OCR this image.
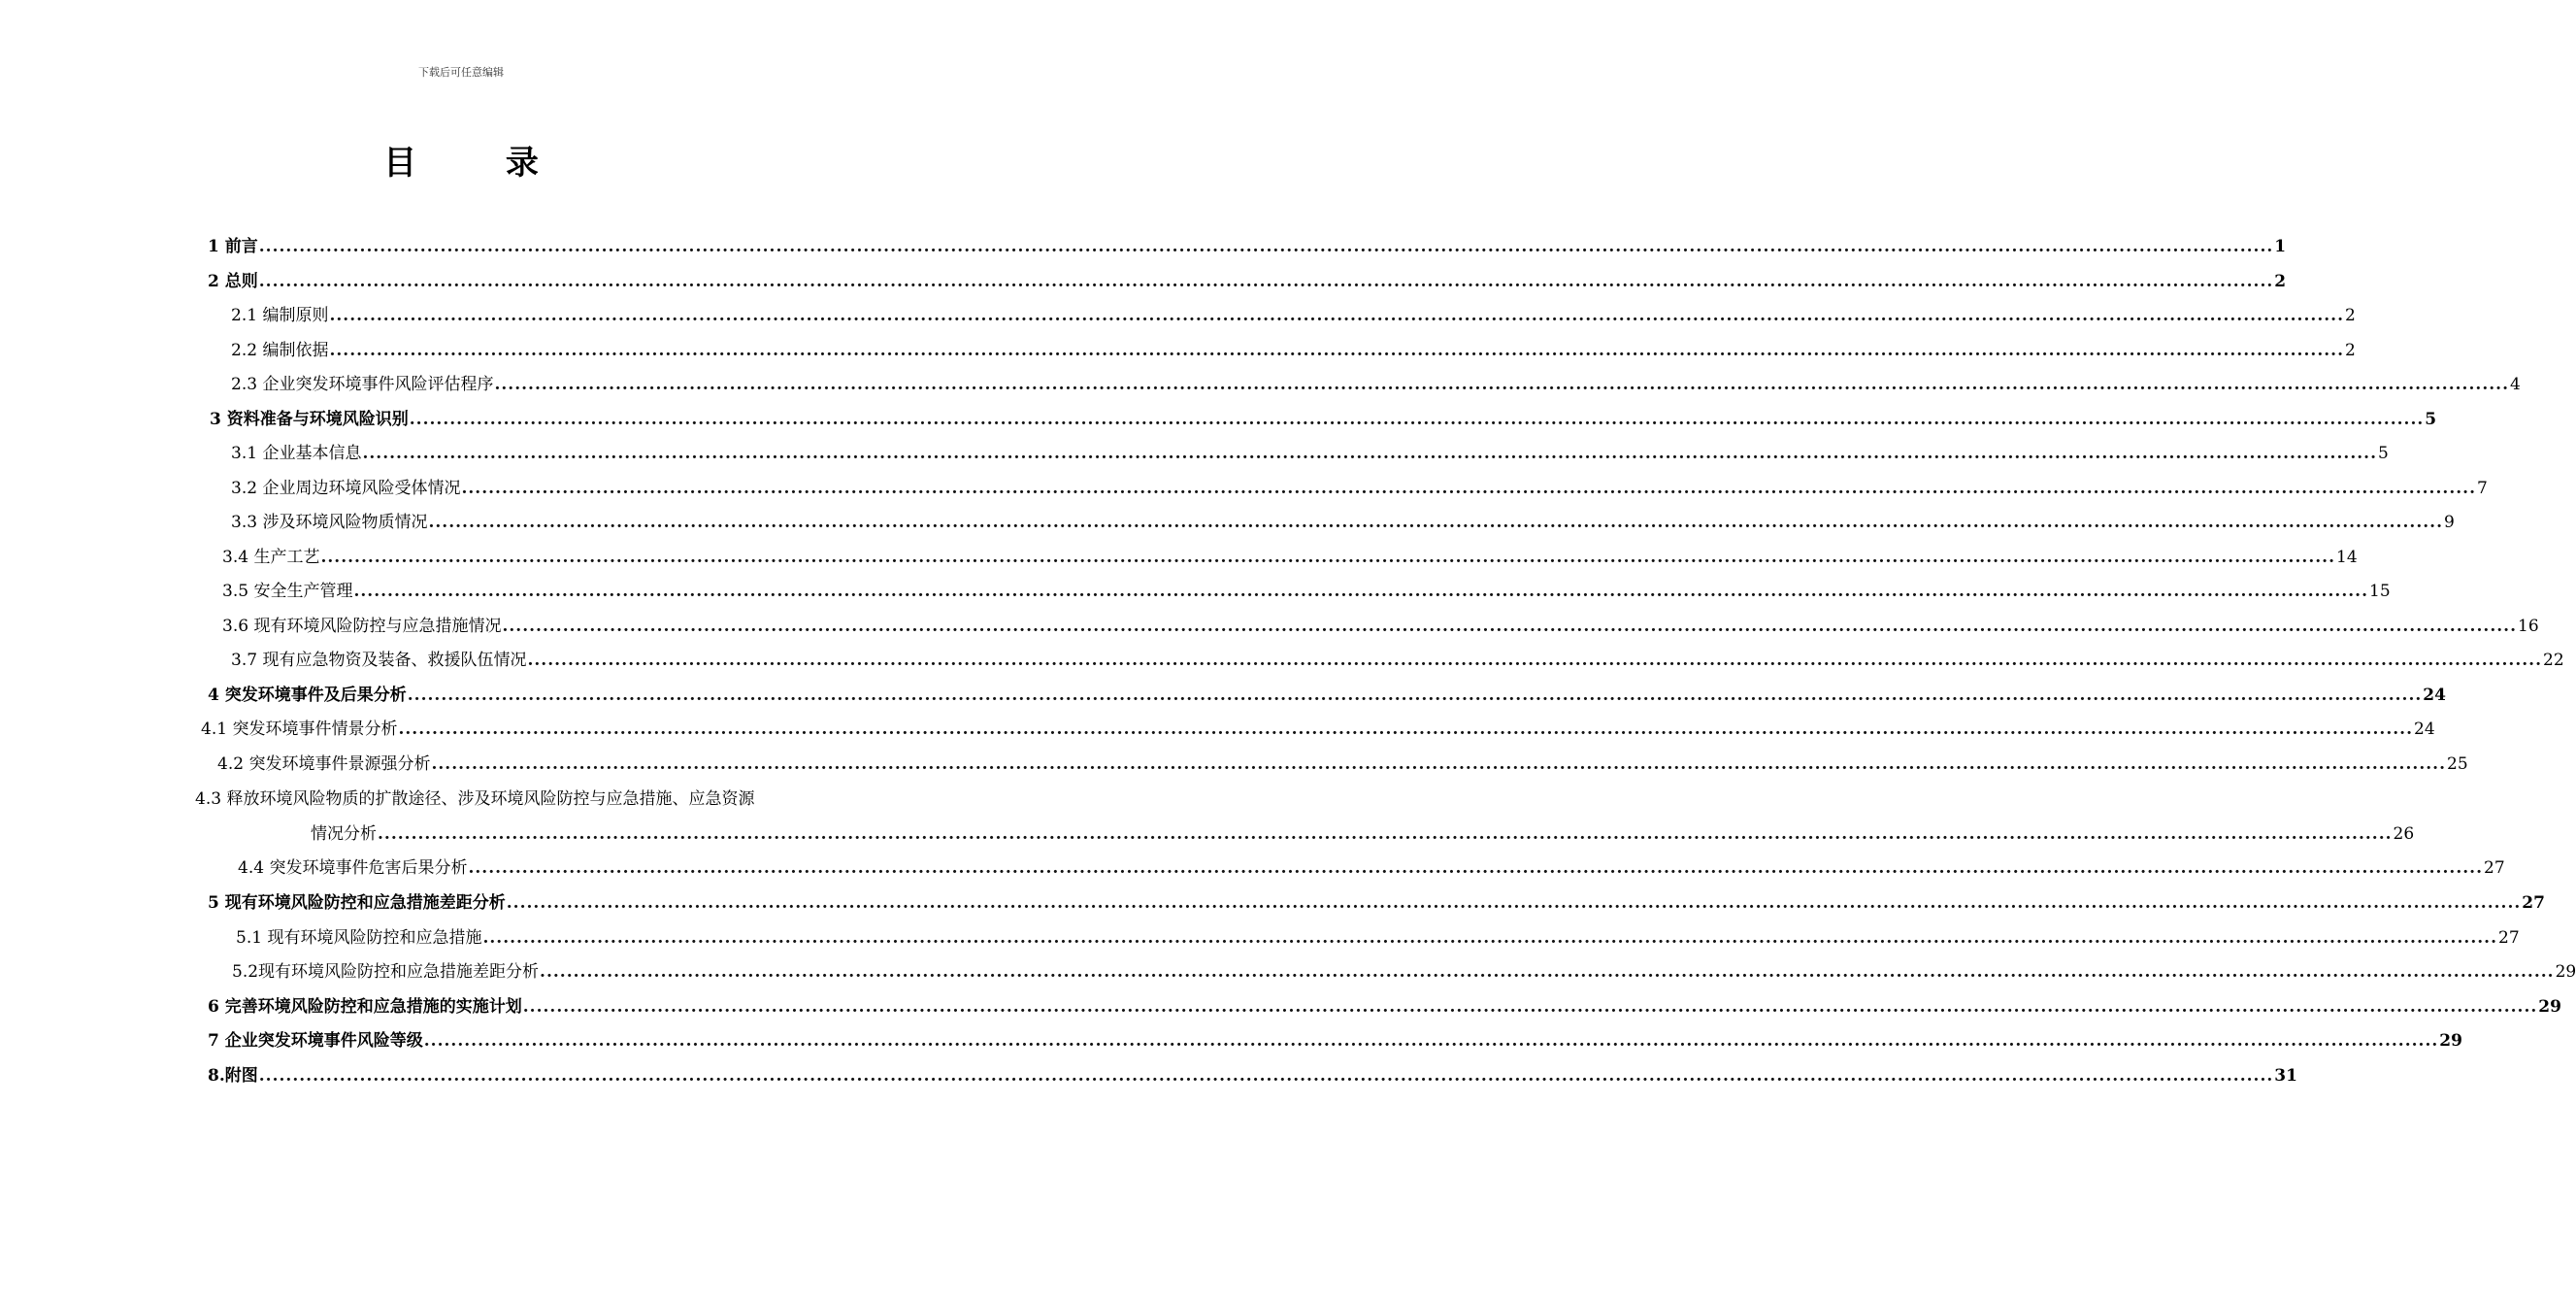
下载后可任意编辑
目 录
1 前言 ............................................................................................................................................................................................................................................................................................................ 1
2 总则 ............................................................................................................................................................................................................................................................................................................ 2
2.1 编制原则 ............................................................................................................................................................................................................................................................................................................ 2
2.2 编制依据 ............................................................................................................................................................................................................................................................................................................ 2
2.3 企业突发环境事件风险评估程序 ............................................................................................................................................................................................................................................................................................................ 4
3 资料准备与环境风险识别 ............................................................................................................................................................................................................................................................................................................ 5
3.1 企业基本信息 ............................................................................................................................................................................................................................................................................................................ 5
3.2 企业周边环境风险受体情况 ............................................................................................................................................................................................................................................................................................................ 7
3.3 涉及环境风险物质情况 ............................................................................................................................................................................................................................................................................................................ 9
3.4 生产工艺 ............................................................................................................................................................................................................................................................................................................ 14
3.5 安全生产管理 ............................................................................................................................................................................................................................................................................................................ 15
3.6 现有环境风险防控与应急措施情况 ............................................................................................................................................................................................................................................................................................................ 16
3.7 现有应急物资及装备、救援队伍情况 ............................................................................................................................................................................................................................................................................................................ 22
4 突发环境事件及后果分析 ............................................................................................................................................................................................................................................................................................................ 24
4.1 突发环境事件情景分析 ............................................................................................................................................................................................................................................................................................................ 24
4.2 突发环境事件景源强分析 ............................................................................................................................................................................................................................................................................................................ 25
4.3 释放环境风险物质的扩散途径、涉及环境风险防控与应急措施、应急资源
情况分析 ............................................................................................................................................................................................................................................................................................................ 26
4.4 突发环境事件危害后果分析 ............................................................................................................................................................................................................................................................................................................ 27
5 现有环境风险防控和应急措施差距分析 ............................................................................................................................................................................................................................................................................................................ 27
5.1 现有环境风险防控和应急措施 ............................................................................................................................................................................................................................................................................................................ 27
5.2现有环境风险防控和应急措施差距分析 ............................................................................................................................................................................................................................................................................................................ 29
6 完善环境风险防控和应急措施的实施计划 ............................................................................................................................................................................................................................................................................................................ 29
7 企业突发环境事件风险等级 ............................................................................................................................................................................................................................................................................................................ 29
8.附图 ............................................................................................................................................................................................................................................................................................................ 31
